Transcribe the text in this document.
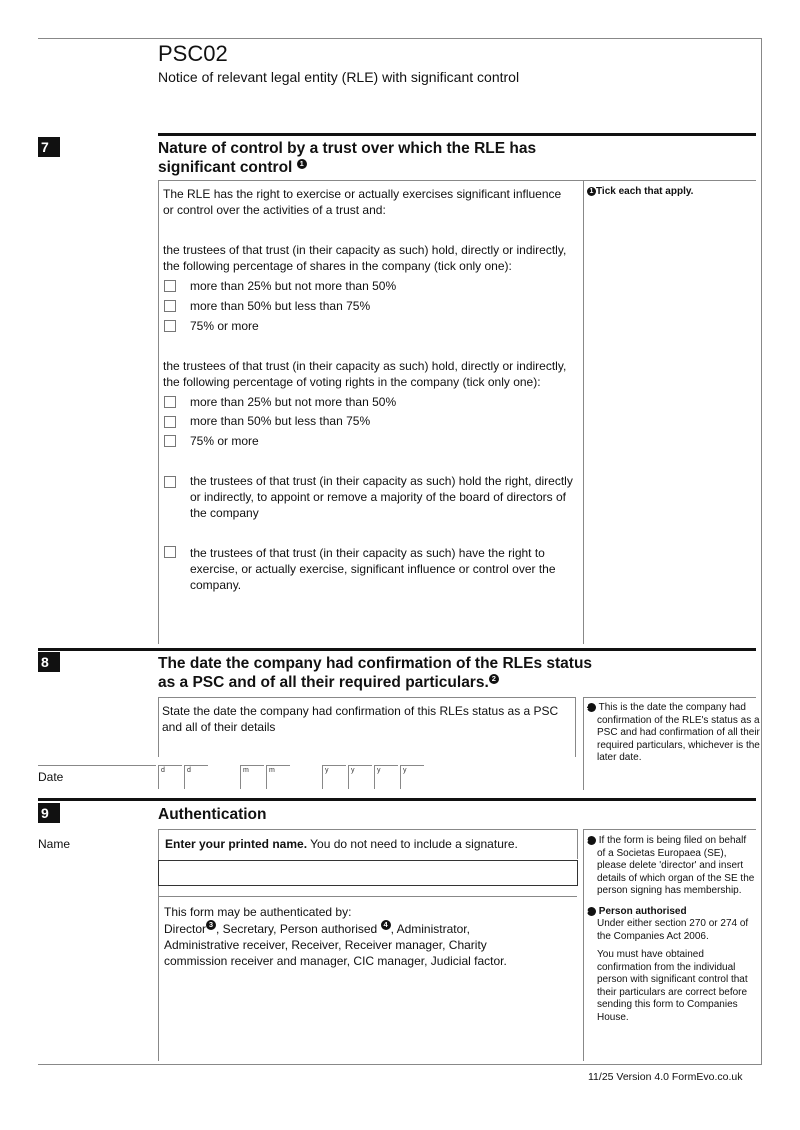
PSC02
Notice of relevant legal entity (RLE) with significant control
7	Nature of control by a trust over which the RLE has
significant control 1
The RLE has the right to exercise or actually exercises significant influence or control over the activities of a trust and:
the trustees of that trust (in their capacity as such) hold, directly or indirectly, the following percentage of shares in the company (tick only one):
more than 25% but not more than 50%
more than 50% but less than 75%
75% or more
the trustees of that trust (in their capacity as such) hold, directly or indirectly, the following percentage of voting rights in the company (tick only one):
more than 25% but not more than 50%
more than 50% but less than 75%
75% or more
the trustees of that trust (in their capacity as such) hold the right, directly or indirectly, to appoint or remove a majority of the board of directors of the company
the trustees of that trust (in their capacity as such) have the right to exercise, or actually exercise, significant influence or control over the company.
1 Tick each that apply.
8	The date the company had confirmation of the RLEs status
as a PSC and of all their required particulars. 2
State the date the company had confirmation of this RLEs status as a PSC and all of their details
Date	d	d	m	m	y	y	y	y
2 This is the date the company had confirmation of the RLE's status as a PSC and had confirmation of all their required particulars, whichever is the later date.
9	Authentication
Name	Enter your printed name. You do not need to include a signature.
This form may be authenticated by:
Director 3 , Secretary, Person authorised 4 , Administrator, Administrative receiver, Receiver, Receiver manager, Charity commission receiver and manager, CIC manager, Judicial factor.
3 If the form is being filed on behalf of a Societas Europaea (SE), please delete 'director' and insert details of which organ of the SE the person signing has membership.
4 Person authorised
Under either section 270 or 274 of the Companies Act 2006.
You must have obtained confirmation from the individual person with significant control that their particulars are correct before sending this form to Companies House.
11/25 Version 4.0 FormEvo.co.uk
